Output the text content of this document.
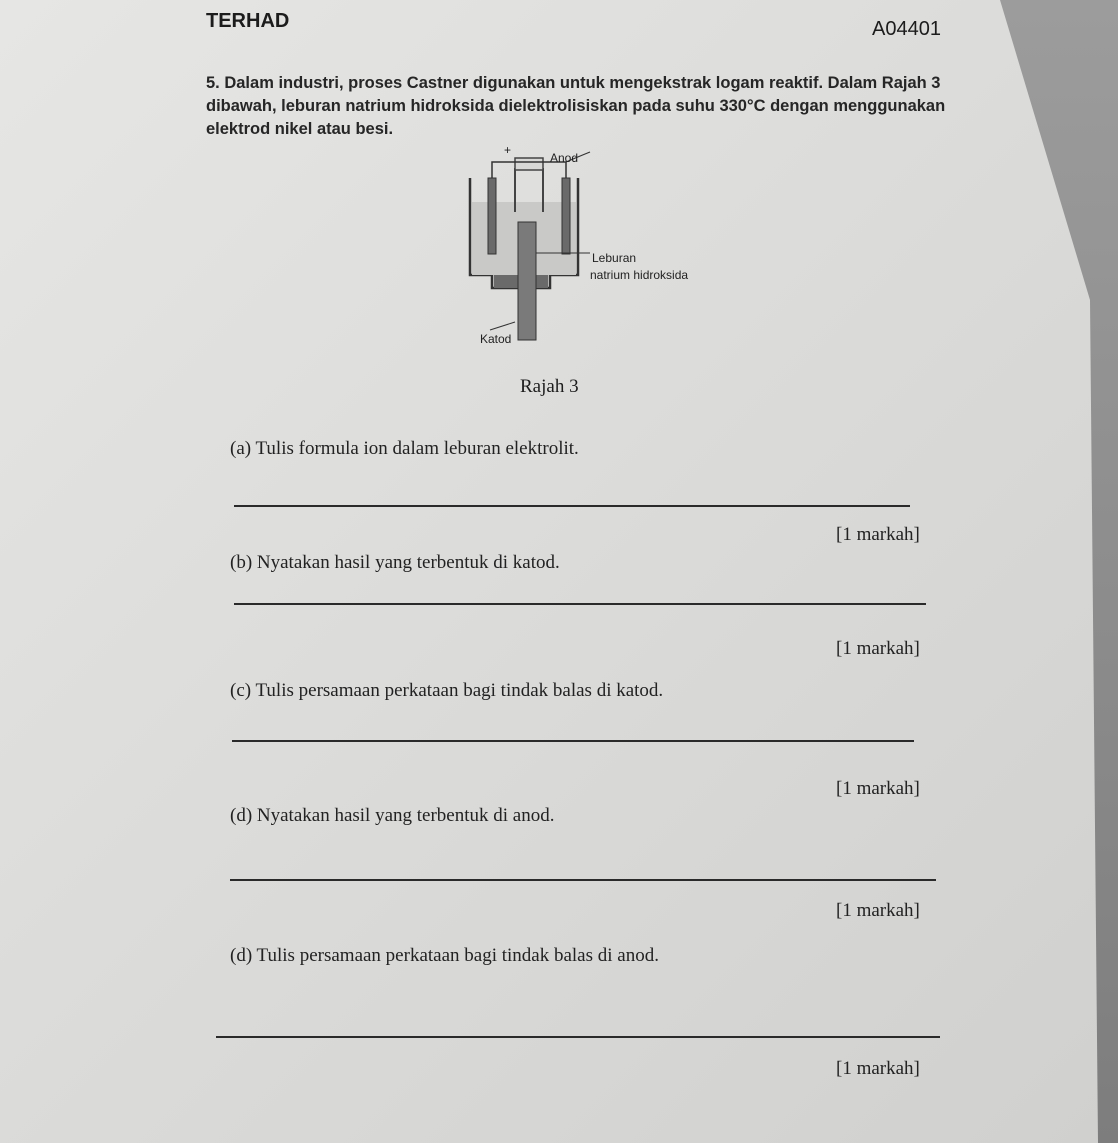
TERHAD	A04401
5. Dalam industri, proses Castner digunakan untuk mengekstrak logam reaktif. Dalam Rajah 3
dibawah, leburan natrium hidroksida dielektrolisiskan pada suhu 330°C dengan menggunakan
elektrod nikel atau besi.
+
Anod
Leburan
natrium hidroksida
Katod
Rajah 3
(a) Tulis formula ion dalam leburan elektrolit.
[1 markah]
(b) Nyatakan hasil yang terbentuk di katod.
[1 markah]
(c) Tulis persamaan perkataan bagi tindak balas di katod.
[1 markah]
(d) Nyatakan hasil yang terbentuk di anod.
[1 markah]
(d) Tulis persamaan perkataan bagi tindak balas di anod.
[1 markah]
